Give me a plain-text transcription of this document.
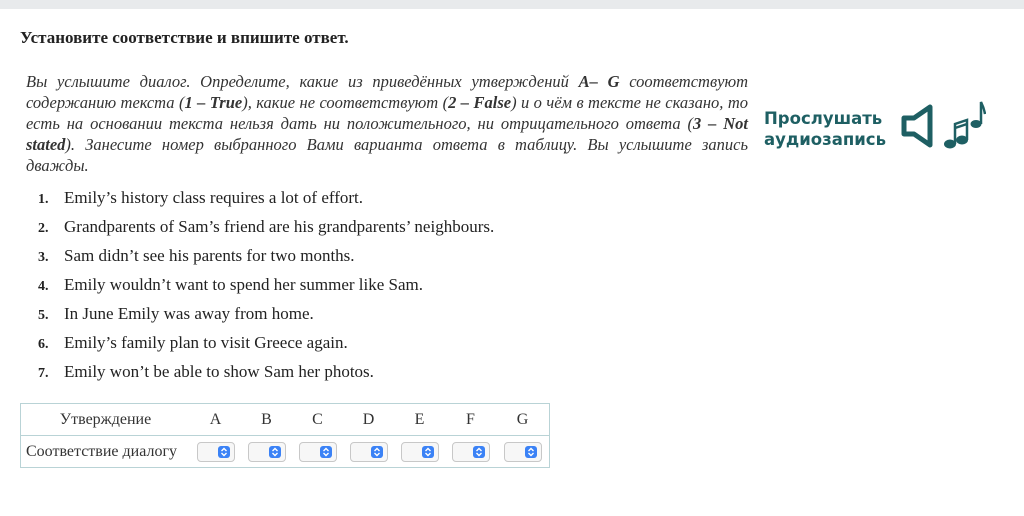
Установите соответствие и впишите ответ.
Вы услышите диалог. Определите, какие из приведённых утверждений A– G соответствуют содержанию текста (1 – True), какие не соответствуют (2 – False) и о чём в тексте не сказано, то есть на основании текста нельзя дать ни положительного, ни отрицательного ответа (3 – Not stated). Занесите номер выбранного Вами варианта ответа в таблицу. Вы услышите запись дважды.
Прослушать
аудиозапись
1. Emily’s history class requires a lot of effort.
2. Grandparents of Sam’s friend are his grandparents’ neighbours.
3. Sam didn’t see his parents for two months.
4. Emily wouldn’t want to spend her summer like Sam.
5. In June Emily was away from home.
6. Emily’s family plan to visit Greece again.
7. Emily won’t be able to show Sam her photos.
Утверждение	A	B	C	D	E	F	G
Соответствие диалогу	
